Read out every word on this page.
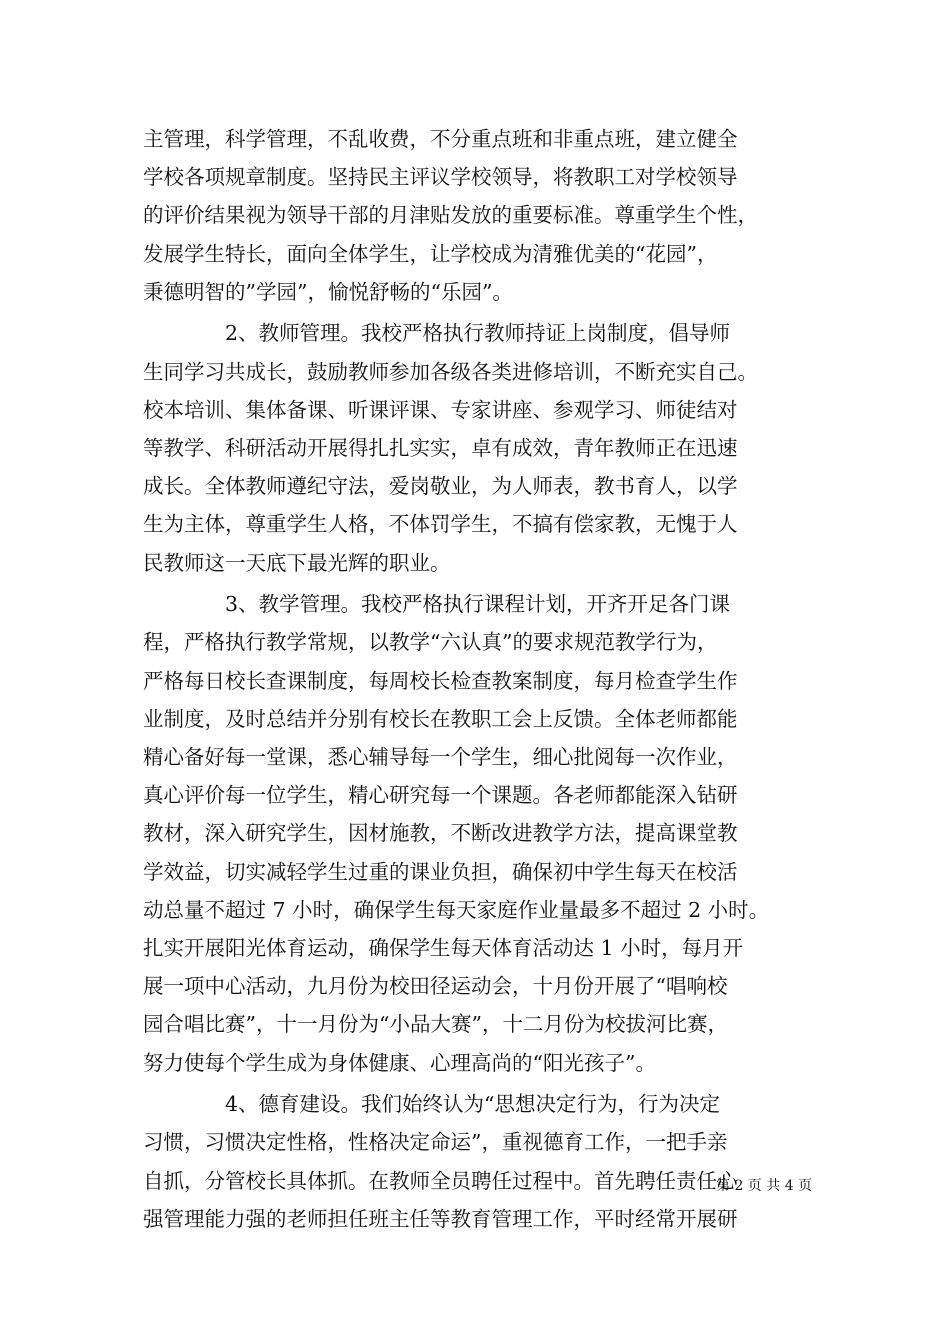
主管理，科学管理，不乱收费，不分重点班和非重点班，建立健全
学校各项规章制度。坚持民主评议学校领导，将教职工对学校领导
的评价结果视为领导干部的月津贴发放的重要标准。尊重学生个性，
发展学生特长，面向全体学生，让学校成为清雅优美的“花园”，
秉德明智的”学园”，愉悦舒畅的“乐园”。
　　　　2、教师管理。我校严格执行教师持证上岗制度，倡导师
生同学习共成长，鼓励教师参加各级各类进修培训，不断充实自己。
校本培训、集体备课、听课评课、专家讲座、参观学习、师徒结对
等教学、科研活动开展得扎扎实实，卓有成效，青年教师正在迅速
成长。全体教师遵纪守法，爱岗敬业，为人师表，教书育人，以学
生为主体，尊重学生人格，不体罚学生，不搞有偿家教，无愧于人
民教师这一天底下最光辉的职业。
　　　　3、教学管理。我校严格执行课程计划，开齐开足各门课
程，严格执行教学常规，以教学“六认真”的要求规范教学行为，
严格每日校长查课制度，每周校长检查教案制度，每月检查学生作
业制度，及时总结并分别有校长在教职工会上反馈。全体老师都能
精心备好每一堂课，悉心辅导每一个学生，细心批阅每一次作业，
真心评价每一位学生，精心研究每一个课题。各老师都能深入钻研
教材，深入研究学生，因材施教，不断改进教学方法，提高课堂教
学效益，切实减轻学生过重的课业负担，确保初中学生每天在校活
动总量不超过 7 小时，确保学生每天家庭作业量最多不超过 2 小时。
扎实开展阳光体育运动，确保学生每天体育活动达 1 小时，每月开
展一项中心活动，九月份为校田径运动会，十月份开展了“唱响校
园合唱比赛”，十一月份为“小品大赛”，十二月份为校拔河比赛，
努力使每个学生成为身体健康、心理高尚的“阳光孩子”。
　　　　4、德育建设。我们始终认为“思想决定行为，行为决定
习惯，习惯决定性格，性格决定命运”，重视德育工作，一把手亲
自抓，分管校长具体抓。在教师全员聘任过程中。首先聘任责任心
强管理能力强的老师担任班主任等教育管理工作，平时经常开展研
第 2 页 共 4 页
